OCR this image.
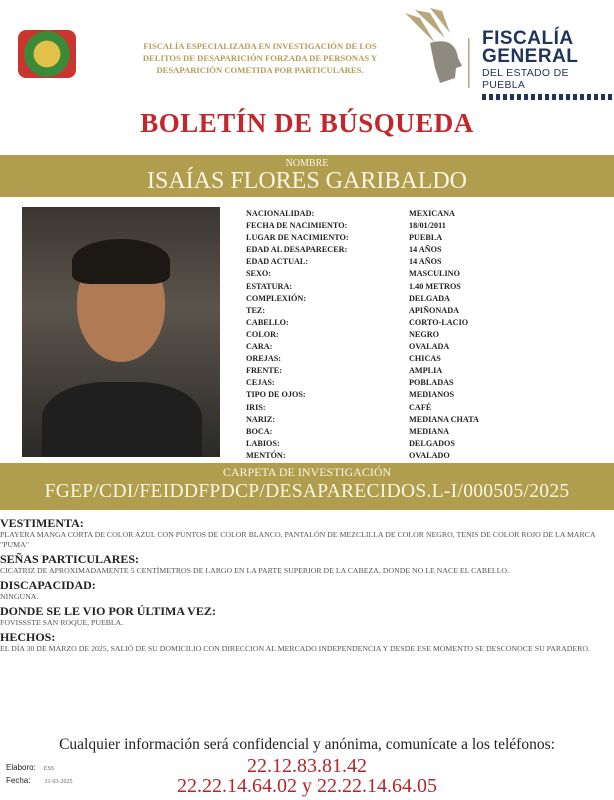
FISCALÍA ESPECIALIZADA EN INVESTIGACIÓN DE LOS DELITOS DE DESAPARICIÓN FORZADA DE PERSONAS Y DESAPARICIÓN COMETIDA POR PARTICULARES.
FISCALÍA
GENERAL
DEL ESTADO DE PUEBLA
BOLETÍN DE BÚSQUEDA
NOMBRE
ISAÍAS FLORES GARIBALDO
NACIONALIDAD:	MEXICANA
FECHA DE NACIMIENTO:	18/01/2011
LUGAR DE NACIMIENTO:	PUEBLA
EDAD AL DESAPARECER:	14 AÑOS
EDAD ACTUAL:	14 AÑOS
SEXO:	MASCULINO
ESTATURA:	1.40 METROS
COMPLEXIÓN:	DELGADA
TEZ:	APIÑONADA
CABELLO:	CORTO-LACIO
COLOR:	NEGRO
CARA:	OVALADA
OREJAS:	CHICAS
FRENTE:	AMPLIA
CEJAS:	POBLADAS
TIPO DE OJOS:	MEDIANOS
IRIS:	CAFÉ
NARIZ:	MEDIANA CHATA
BOCA:	MEDIANA
LABIOS:	DELGADOS
MENTÓN:	OVALADO
CARPETA DE INVESTIGACIÓN
FGEP/CDI/FEIDDFPDCP/DESAPARECIDOS.L-I/000505/2025
VESTIMENTA:
PLAYERA MANGA CORTA DE COLOR AZUL CON PUNTOS DE COLOR BLANCO, PANTALÓN DE MEZCLILLA DE COLOR NEGRO, TENIS DE COLOR ROJO DE LA MARCA "PUMA"
SEÑAS PARTICULARES:
CICATRIZ DE APROXIMADAMENTE 5 CENTÍMETROS DE LARGO EN LA PARTE SUPERIOR DE LA CABEZA, DONDE NO LE NACE EL CABELLO.
DISCAPACIDAD:
NINGUNA.
DONDE SE LE VIO POR ÚLTIMA VEZ:
FOVISSSTE SAN ROQUE, PUEBLA.
HECHOS:
EL DÍA 30 DE MARZO DE 2025, SALIÓ DE SU DOMICILIO CON DIRECCION AL MERCADO INDEPENDENCIA Y DESDE ESE MOMENTO SE DESCONOCE SU PARADERO.
Cualquier información será confidencial y anónima, comunícate a los teléfonos:
22.12.83.81.42
22.22.14.64.02 y 22.22.14.64.05
Elaboro: ESS
Fecha: 31-03-2025
